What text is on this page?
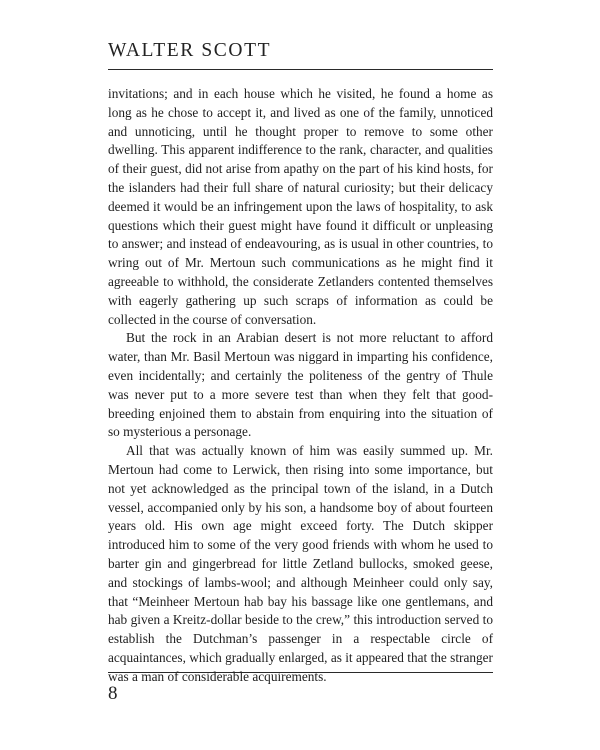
WALTER SCOTT

invitations; and in each house which he visited, he found a home as long as he chose to accept it, and lived as one of the family, unnoticed and unnoticing, until he thought proper to remove to some other dwelling. This apparent indifference to the rank, character, and qualities of their guest, did not arise from apathy on the part of his kind hosts, for the islanders had their full share of natural curiosity; but their delicacy deemed it would be an infringement upon the laws of hospitality, to ask questions which their guest might have found it difficult or unpleasing to answer; and instead of endeavouring, as is usual in other countries, to wring out of Mr. Mertoun such communications as he might find it agreeable to withhold, the considerate Zetlanders contented themselves with eagerly gathering up such scraps of information as could be collected in the course of conversation.

But the rock in an Arabian desert is not more reluctant to afford water, than Mr. Basil Mertoun was niggard in imparting his confidence, even incidentally; and certainly the politeness of the gentry of Thule was never put to a more severe test than when they felt that good-breeding enjoined them to abstain from enquiring into the situation of so mysterious a personage.

All that was actually known of him was easily summed up. Mr. Mertoun had come to Lerwick, then rising into some importance, but not yet acknowledged as the principal town of the island, in a Dutch vessel, accompanied only by his son, a handsome boy of about fourteen years old. His own age might exceed forty. The Dutch skipper introduced him to some of the very good friends with whom he used to barter gin and gingerbread for little Zetland bullocks, smoked geese, and stockings of lambs-wool; and although Meinheer could only say, that “Meinheer Mertoun hab bay his bassage like one gentlemans, and hab given a Kreitz-dollar beside to the crew,” this introduction served to establish the Dutchman’s passenger in a respectable circle of acquaintances, which gradually enlarged, as it appeared that the stranger was a man of considerable acquirements.

8
